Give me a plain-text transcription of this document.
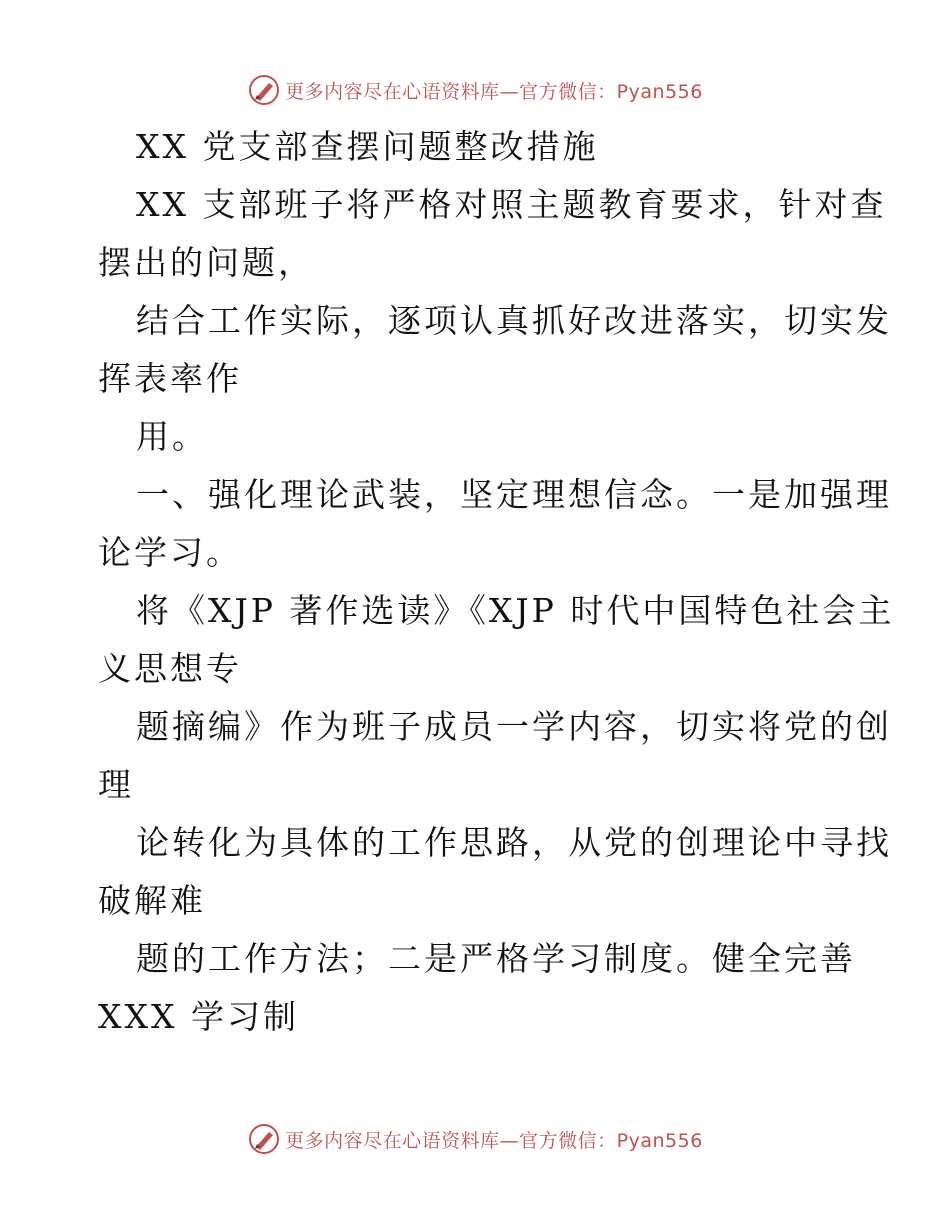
更多内容尽在心语资料库—官方微信：Pyan556
XX 党支部查摆问题整改措施
XX 支部班子将严格对照主题教育要求，针对查
摆出的问题，
结合工作实际，逐项认真抓好改进落实，切实发
挥表率作
用。
一、强化理论武装，坚定理想信念。一是加强理
论学习。
将《XJP 著作选读》《XJP 时代中国特色社会主
义思想专
题摘编》作为班子成员一学内容，切实将党的创
理
论转化为具体的工作思路，从党的创理论中寻找
破解难
题的工作方法；二是严格学习制度。健全完善
XXX 学习制
更多内容尽在心语资料库—官方微信：Pyan556
